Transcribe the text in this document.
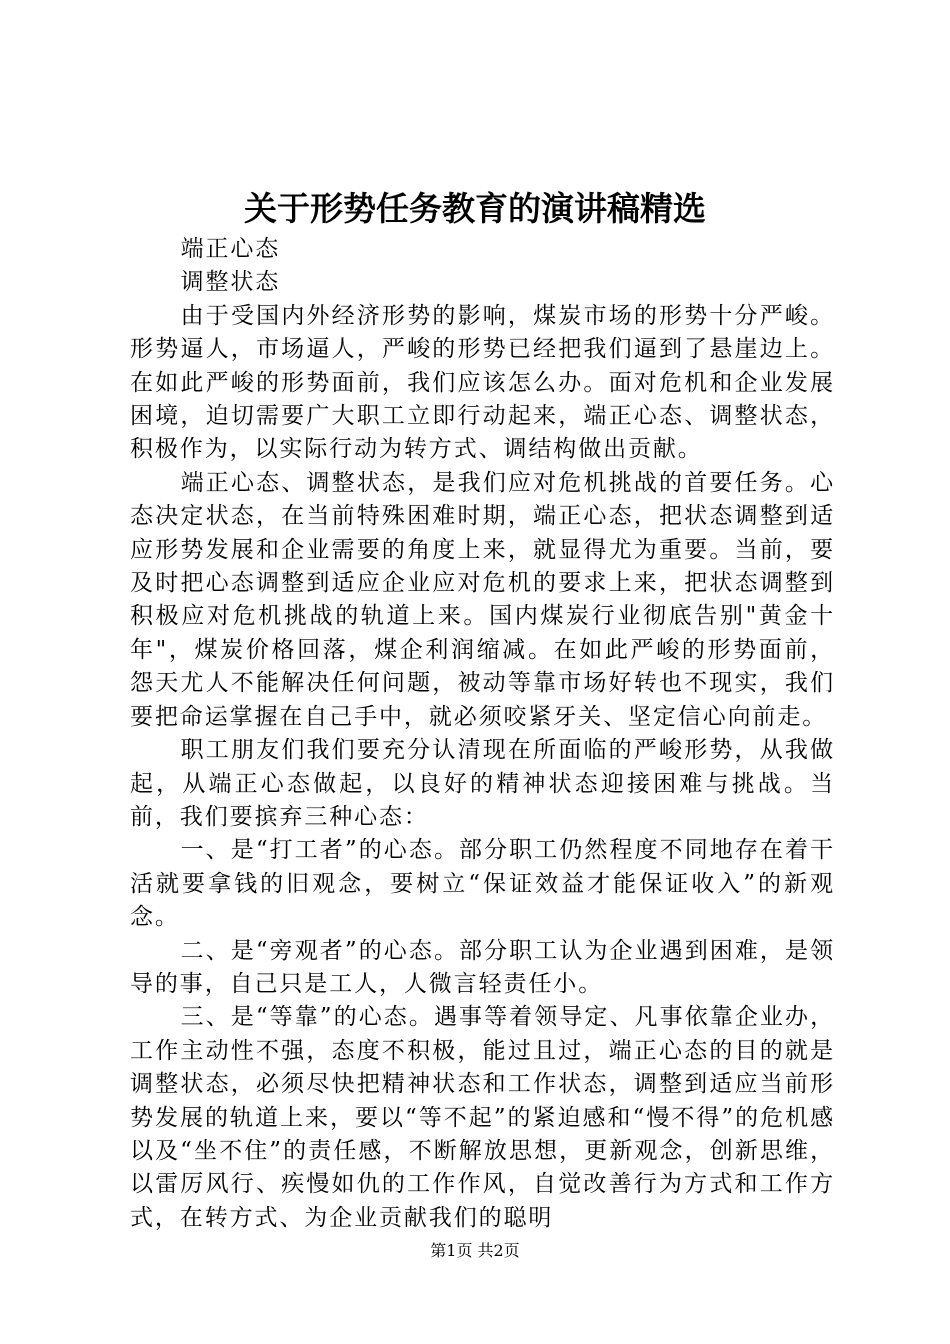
关于形势任务教育的演讲稿精选

端正心态

调整状态

由于受国内外经济形势的影响，煤炭市场的形势十分严峻。形势逼人，市场逼人，严峻的形势已经把我们逼到了悬崖边上。在如此严峻的形势面前，我们应该怎么办。面对危机和企业发展困境，迫切需要广大职工立即行动起来，端正心态、调整状态，积极作为，以实际行动为转方式、调结构做出贡献。

端正心态、调整状态，是我们应对危机挑战的首要任务。心态决定状态，在当前特殊困难时期，端正心态，把状态调整到适应形势发展和企业需要的角度上来，就显得尤为重要。当前，要及时把心态调整到适应企业应对危机的要求上来，把状态调整到积极应对危机挑战的轨道上来。国内煤炭行业彻底告别"黄金十年"，煤炭价格回落，煤企利润缩减。在如此严峻的形势面前，怨天尤人不能解决任何问题，被动等靠市场好转也不现实，我们要把命运掌握在自己手中，就必须咬紧牙关、坚定信心向前走。

职工朋友们我们要充分认清现在所面临的严峻形势，从我做起，从端正心态做起，以良好的精神状态迎接困难与挑战。当前，我们要摈弃三种心态：

一、是“打工者”的心态。部分职工仍然程度不同地存在着干活就要拿钱的旧观念，要树立“保证效益才能保证收入”的新观念。

二、是“旁观者”的心态。部分职工认为企业遇到困难，是领导的事，自己只是工人，人微言轻责任小。

三、是“等靠”的心态。遇事等着领导定、凡事依靠企业办，工作主动性不强，态度不积极，能过且过，端正心态的目的就是调整状态，必须尽快把精神状态和工作状态，调整到适应当前形势发展的轨道上来，要以“等不起”的紧迫感和“慢不得”的危机感以及“坐不住”的责任感，不断解放思想，更新观念，创新思维，以雷厉风行、疾慢如仇的工作作风，自觉改善行为方式和工作方式，在转方式、为企业贡献我们的聪明

第1页 共2页
